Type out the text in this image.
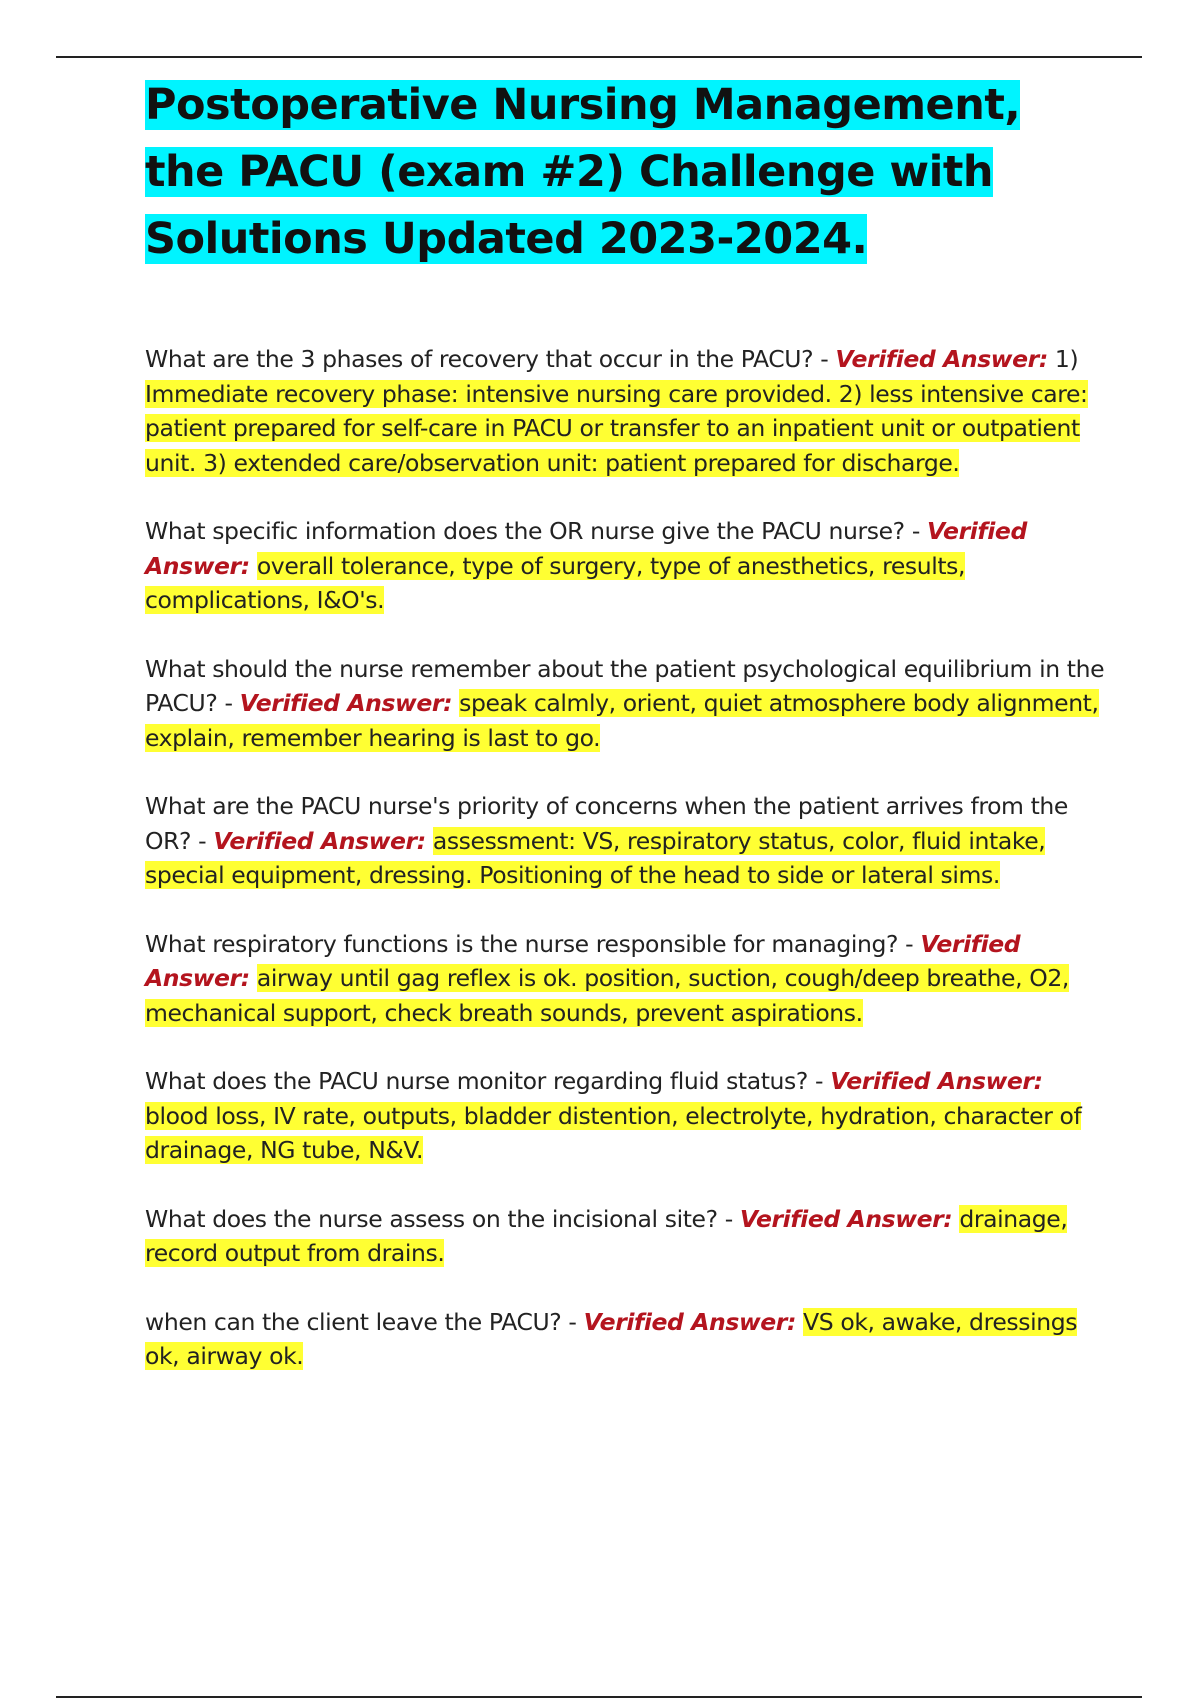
Postoperative Nursing Management, the PACU (exam #2) Challenge with Solutions Updated 2023-2024.

What are the 3 phases of recovery that occur in the PACU? - Verified Answer: 1) Immediate recovery phase: intensive nursing care provided. 2) less intensive care: patient prepared for self-care in PACU or transfer to an inpatient unit or outpatient unit. 3) extended care/observation unit: patient prepared for discharge.

What specific information does the OR nurse give the PACU nurse? - Verified Answer: overall tolerance, type of surgery, type of anesthetics, results, complications, I&O's.

What should the nurse remember about the patient psychological equilibrium in the PACU? - Verified Answer: speak calmly, orient, quiet atmosphere body alignment, explain, remember hearing is last to go.

What are the PACU nurse's priority of concerns when the patient arrives from the OR? - Verified Answer: assessment: VS, respiratory status, color, fluid intake, special equipment, dressing. Positioning of the head to side or lateral sims.

What respiratory functions is the nurse responsible for managing? - Verified Answer: airway until gag reflex is ok. position, suction, cough/deep breathe, O2, mechanical support, check breath sounds, prevent aspirations.

What does the PACU nurse monitor regarding fluid status? - Verified Answer: blood loss, IV rate, outputs, bladder distention, electrolyte, hydration, character of drainage, NG tube, N&V.

What does the nurse assess on the incisional site? - Verified Answer: drainage, record output from drains.

when can the client leave the PACU? - Verified Answer: VS ok, awake, dressings ok, airway ok.
